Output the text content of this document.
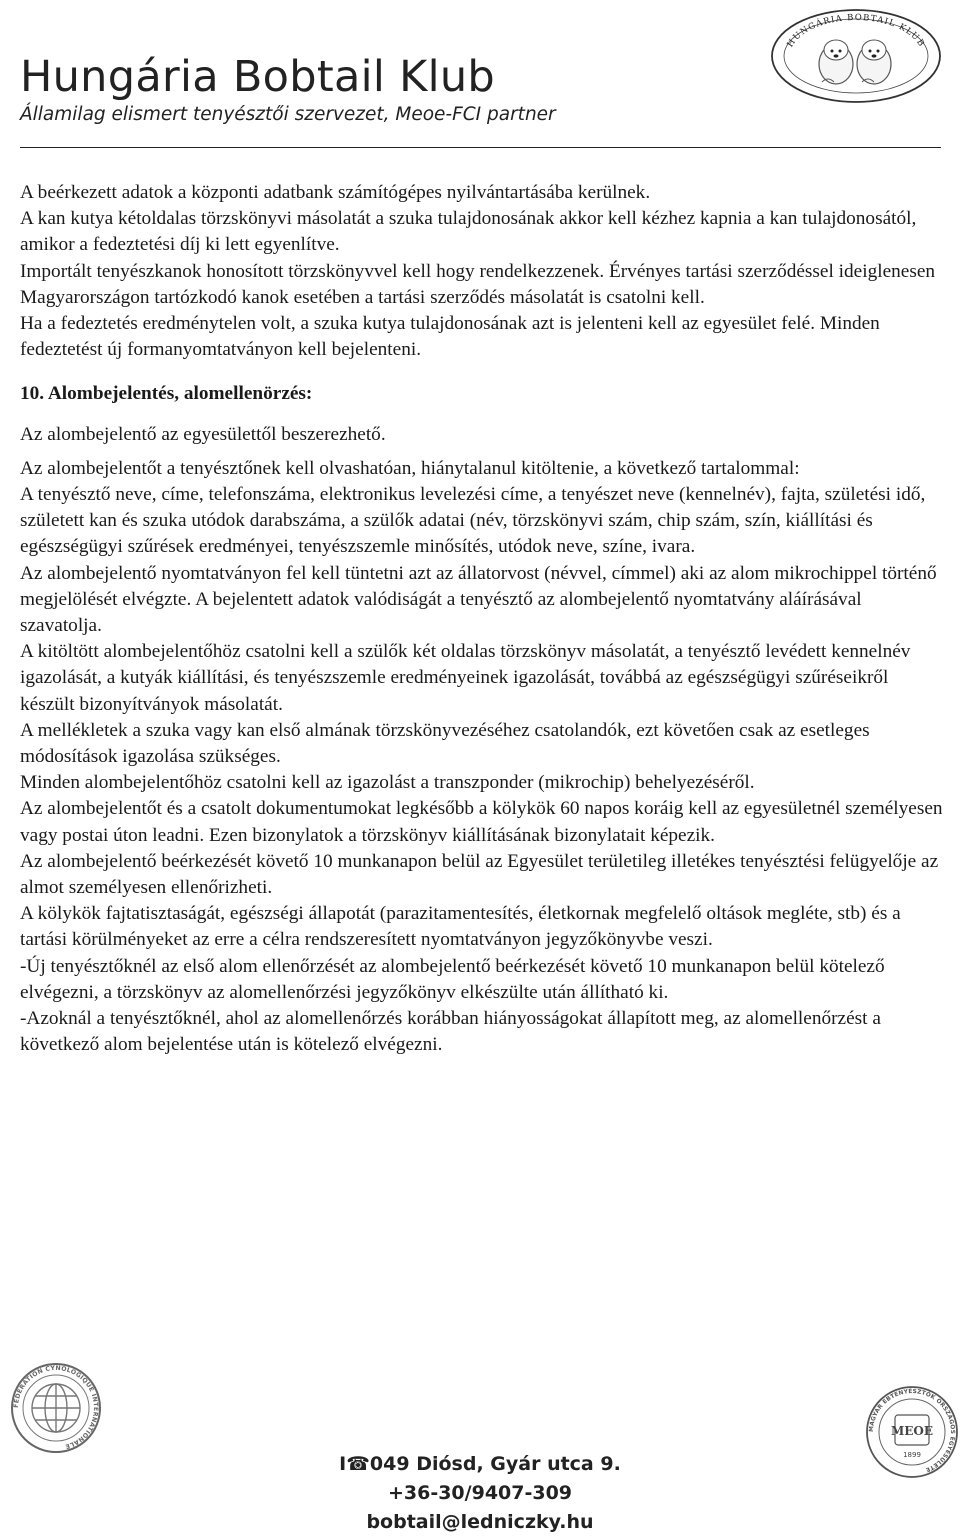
Hungária Bobtail Klub
Államilag elismert tenyésztői szervezet, Meoe-FCI partner
HUNGÁRIA BOBTAIL KLUB

A beérkezett adatok a központi adatbank számítógépes nyilvántartásába kerülnek.

A kan kutya kétoldalas törzskönyvi másolatát a szuka tulajdonosának akkor kell kézhez kapnia a kan tulajdonosától, amikor a fedeztetési díj ki lett egyenlítve.

Importált tenyészkanok honosított törzskönyvvel kell hogy rendelkezzenek. Érvényes tartási szerződéssel ideiglenesen Magyarországon tartózkodó kanok esetében a tartási szerződés másolatát is csatolni kell.

Ha a fedeztetés eredménytelen volt, a szuka kutya tulajdonosának azt is jelenteni kell az egyesület felé. Minden fedeztetést új formanyomtatványon kell bejelenteni.

10. Alombejelentés, alomellenörzés:

Az alombejelentő az egyesülettől beszerezhető.

Az alombejelentőt a tenyésztőnek kell olvashatóan, hiánytalanul kitöltenie, a következő tartalommal:

A tenyésztő neve, címe, telefonszáma, elektronikus levelezési címe, a tenyészet neve (kennelnév), fajta, születési idő, született kan és szuka utódok darabszáma, a szülők adatai (név, törzskönyvi szám, chip szám, szín, kiállítási és egészségügyi szűrések eredményei, tenyészszemle minősítés, utódok neve, színe, ivara.

Az alombejelentő nyomtatványon fel kell tüntetni azt az állatorvost (névvel, címmel) aki az alom mikrochippel történő megjelölését elvégzte. A bejelentett adatok valódiságát a tenyésztő az alombejelentő nyomtatvány aláírásával szavatolja.

A kitöltött alombejelentőhöz csatolni kell a szülők két oldalas törzskönyv másolatát, a tenyésztő levédett kennelnév igazolását, a kutyák kiállítási, és tenyészszemle eredményeinek igazolását, továbbá az egészségügyi szűréseikről készült bizonyítványok másolatát.

A mellékletek a szuka vagy kan első almának törzskönyvezéséhez csatolandók, ezt követően csak az esetleges módosítások igazolása szükséges.

Minden alombejelentőhöz csatolni kell az igazolást a transzponder (mikrochip) behelyezéséről.

Az alombejelentőt és a csatolt dokumentumokat legkésőbb a kölykök 60 napos koráig kell az egyesületnél személyesen vagy postai úton leadni. Ezen bizonylatok a törzskönyv kiállításának bizonylatait képezik.

Az alombejelentő beérkezését követő 10 munkanapon belül az Egyesület területileg illetékes tenyésztési felügyelője az almot személyesen ellenőrizheti.

A kölykök fajtatisztaságát, egészségi állapotát (parazitamentesítés, életkornak megfelelő oltások megléte, stb) és a tartási körülményeket az erre a célra rendszeresített nyomtatványon jegyzőkönyvbe veszi.

-Új tenyésztőknél az első alom ellenőrzését az alombejelentő beérkezését követő 10 munkanapon belül kötelező elvégezni, a törzskönyv az alomellenőrzési jegyzőkönyv elkészülte után állítható ki.

-Azoknál a tenyésztőknél, ahol az alomellenőrzés korábban hiányosságokat állapított meg, az alomellenőrzést a következő alom bejelentése után is kötelező elvégezni.

FEDERATION CYNOLOGIQUE INTERNATIONALE
MAGYAR EBTENYÉSZTŐK ORSZÁGOS EGYESÜLETE
MEOE
1899
I☎049 Diósd, Gyár utca 9.
+36-30/9407-309
bobtail@ledniczky.hu
